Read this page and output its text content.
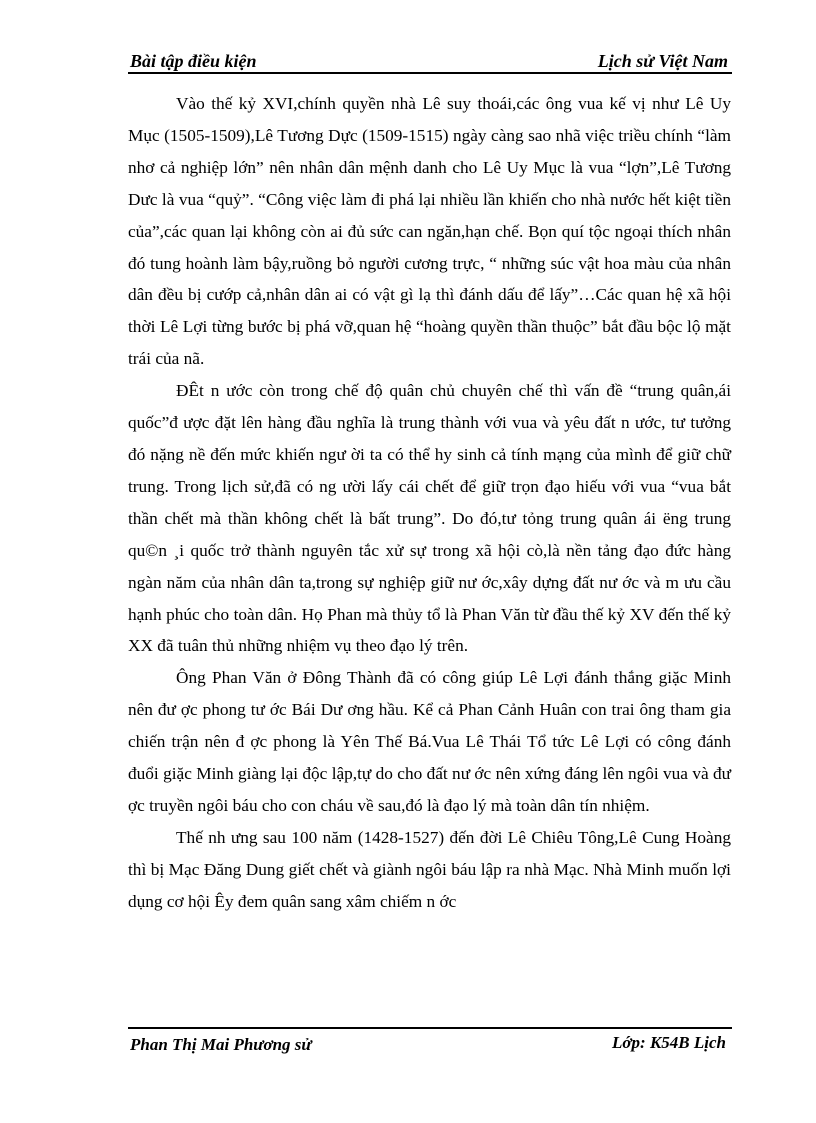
Bài tập điều kiện	Lịch sử Việt Nam

Vào thế kỷ XVI,chính quyền nhà Lê suy thoái,các ông vua kế vị như Lê Uy Mục (1505-1509),Lê Tương Dực (1509-1515) ngày càng sao nhã việc triều chính “làm nhơ cả nghiệp lớn” nên nhân dân mệnh danh cho Lê Uy Mục là vua “lợn”,Lê Tương Dưc là vua “quỷ”. “Công việc làm đi phá lại nhiều lần khiến cho nhà nước hết kiệt tiền của”,các quan lại không còn ai đủ sức can ngăn,hạn chế. Bọn quí tộc ngoại thích nhân đó tung hoành làm bậy,ruồng bỏ người cương trực, “ những súc vật hoa màu của nhân dân đều bị cướp cả,nhân dân ai có vật gì lạ thì đánh dấu để lấy”…Các quan hệ xã hội thời Lê Lợi từng bước bị phá vỡ,quan hệ “hoàng quyền thần thuộc” bắt đầu bộc lộ mặt trái của nã.

ĐÊt n ước còn trong chế độ quân chủ chuyên chế thì vấn đề “trung quân,ái quốc”đ ược đặt lên hàng đầu nghĩa là trung thành với vua và yêu đất n ước, tư tưởng đó nặng nề đến mức khiến ngư ời ta có thể hy sinh cả tính mạng của mình để giữ chữ trung. Trong lịch sử,đã có ng ười lấy cái chết để giữ trọn đạo hiếu với vua “vua bắt thần chết mà thần không chết là bất trung”. Do đó,tư tỏng trung quân ái ëng trung qu©n ¸i quốc trở thành nguyên tắc xử sự trong xã hội cò,là nền tảng đạo đức hàng ngàn năm của nhân dân ta,trong sự nghiệp giữ nư ớc,xây dựng đất nư ớc và m ưu cầu hạnh phúc cho toàn dân. Họ Phan mà thủy tổ là Phan Văn từ đầu thế kỷ XV đến thế kỷ XX đã tuân thủ những nhiệm vụ theo đạo lý trên.

Ông Phan Văn ở Đông Thành đã có công giúp Lê Lợi đánh thắng giặc Minh nên đư ợc phong tư ớc Bái Dư ơng hầu. Kể cả Phan Cảnh Huân con trai ông tham gia chiến trận nên đ ợc phong là Yên Thế Bá.Vua Lê Thái Tổ tức Lê Lợi có công đánh đuổi giặc Minh giàng lại độc lập,tự do cho đất nư ớc nên xứng đáng lên ngôi vua và đư ợc truyền ngôi báu cho con cháu về sau,đó là đạo lý mà toàn dân tín nhiệm.

Thế nh ưng sau 100 năm (1428-1527) đến đời Lê Chiêu Tông,Lê Cung Hoàng thì bị Mạc Đăng Dung giết chết và giành ngôi báu lập ra nhà Mạc. Nhà Minh muốn lợi dụng cơ hội Êy đem quân sang xâm chiếm n ớc

Phan Thị Mai Phương sử	Lớp: K54B Lịch
